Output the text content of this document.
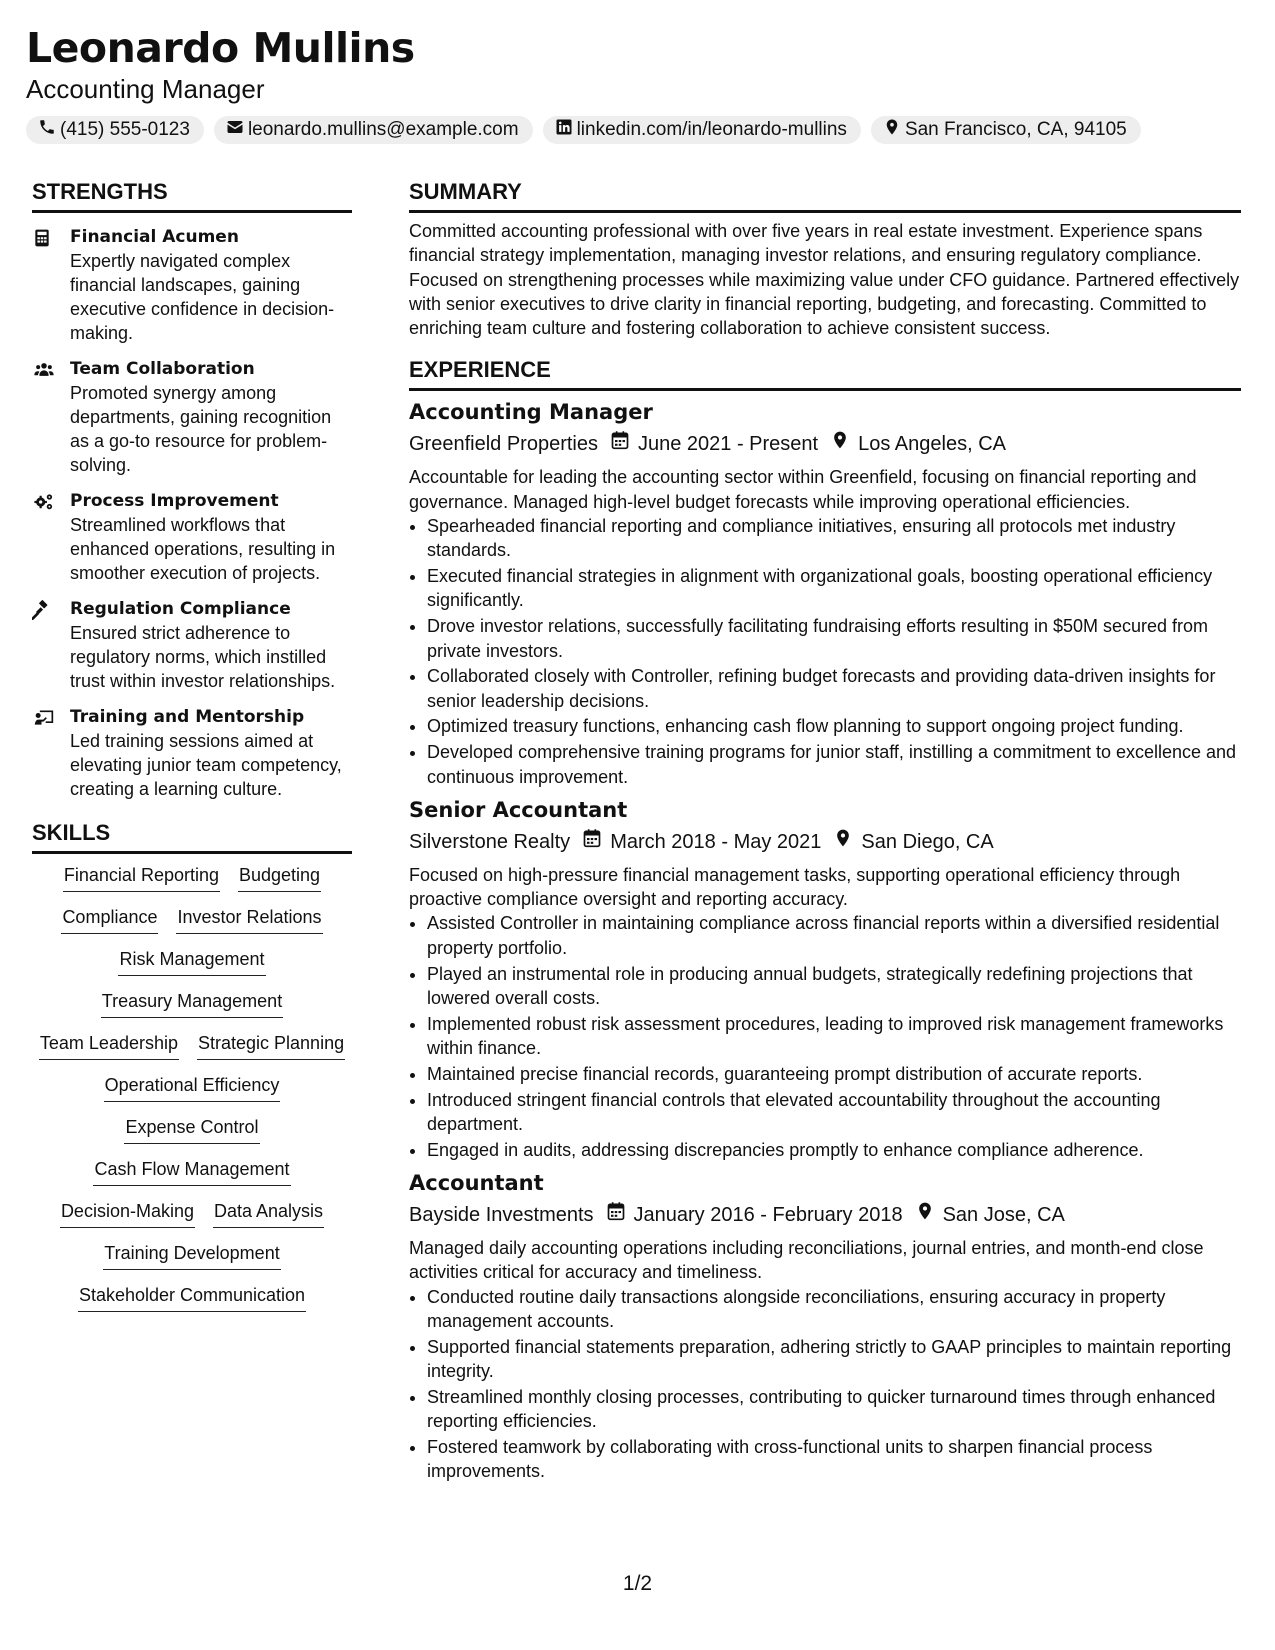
Leonardo Mullins
Accounting Manager
(415) 555-0123	leonardo.mullins@example.com	linkedin.com/in/leonardo-mullins	San Francisco, CA, 94105
STRENGTHS
Financial Acumen
Expertly navigated complex financial landscapes, gaining executive confidence in decision-making.
Team Collaboration
Promoted synergy among departments, gaining recognition as a go-to resource for problem-solving.
Process Improvement
Streamlined workflows that enhanced operations, resulting in smoother execution of projects.
Regulation Compliance
Ensured strict adherence to regulatory norms, which instilled trust within investor relationships.
Training and Mentorship
Led training sessions aimed at elevating junior team competency, creating a learning culture.
SKILLS
Financial Reporting Budgeting
Compliance Investor Relations
Risk Management
Treasury Management
Team Leadership Strategic Planning
Operational Efficiency
Expense Control
Cash Flow Management
Decision-Making Data Analysis
Training Development
Stakeholder Communication
SUMMARY

Committed accounting professional with over five years in real estate investment. Experience spans financial strategy implementation, managing investor relations, and ensuring regulatory compliance. Focused on strengthening processes while maximizing value under CFO guidance. Partnered effectively with senior executives to drive clarity in financial reporting, budgeting, and forecasting. Committed to enriching team culture and fostering collaboration to achieve consistent success.

EXPERIENCE
Accounting Manager
Greenfield Properties June 2021 - Present Los Angeles, CA
Accountable for leading the accounting sector within Greenfield, focusing on financial reporting and governance. Managed high-level budget forecasts while improving operational efficiencies.
• Spearheaded financial reporting and compliance initiatives, ensuring all protocols met industry standards.
• Executed financial strategies in alignment with organizational goals, boosting operational efficiency significantly.
• Drove investor relations, successfully facilitating fundraising efforts resulting in $50M secured from private investors.
• Collaborated closely with Controller, refining budget forecasts and providing data-driven insights for senior leadership decisions.
• Optimized treasury functions, enhancing cash flow planning to support ongoing project funding.
• Developed comprehensive training programs for junior staff, instilling a commitment to excellence and continuous improvement.
Senior Accountant
Silverstone Realty March 2018 - May 2021 San Diego, CA
Focused on high-pressure financial management tasks, supporting operational efficiency through proactive compliance oversight and reporting accuracy.
• Assisted Controller in maintaining compliance across financial reports within a diversified residential property portfolio.
• Played an instrumental role in producing annual budgets, strategically redefining projections that lowered overall costs.
• Implemented robust risk assessment procedures, leading to improved risk management frameworks within finance.
• Maintained precise financial records, guaranteeing prompt distribution of accurate reports.
• Introduced stringent financial controls that elevated accountability throughout the accounting department.
• Engaged in audits, addressing discrepancies promptly to enhance compliance adherence.
Accountant
Bayside Investments January 2016 - February 2018 San Jose, CA
Managed daily accounting operations including reconciliations, journal entries, and month-end close activities critical for accuracy and timeliness.
• Conducted routine daily transactions alongside reconciliations, ensuring accuracy in property management accounts.
• Supported financial statements preparation, adhering strictly to GAAP principles to maintain reporting integrity.
• Streamlined monthly closing processes, contributing to quicker turnaround times through enhanced reporting efficiencies.
• Fostered teamwork by collaborating with cross-functional units to sharpen financial process improvements.
1/2
